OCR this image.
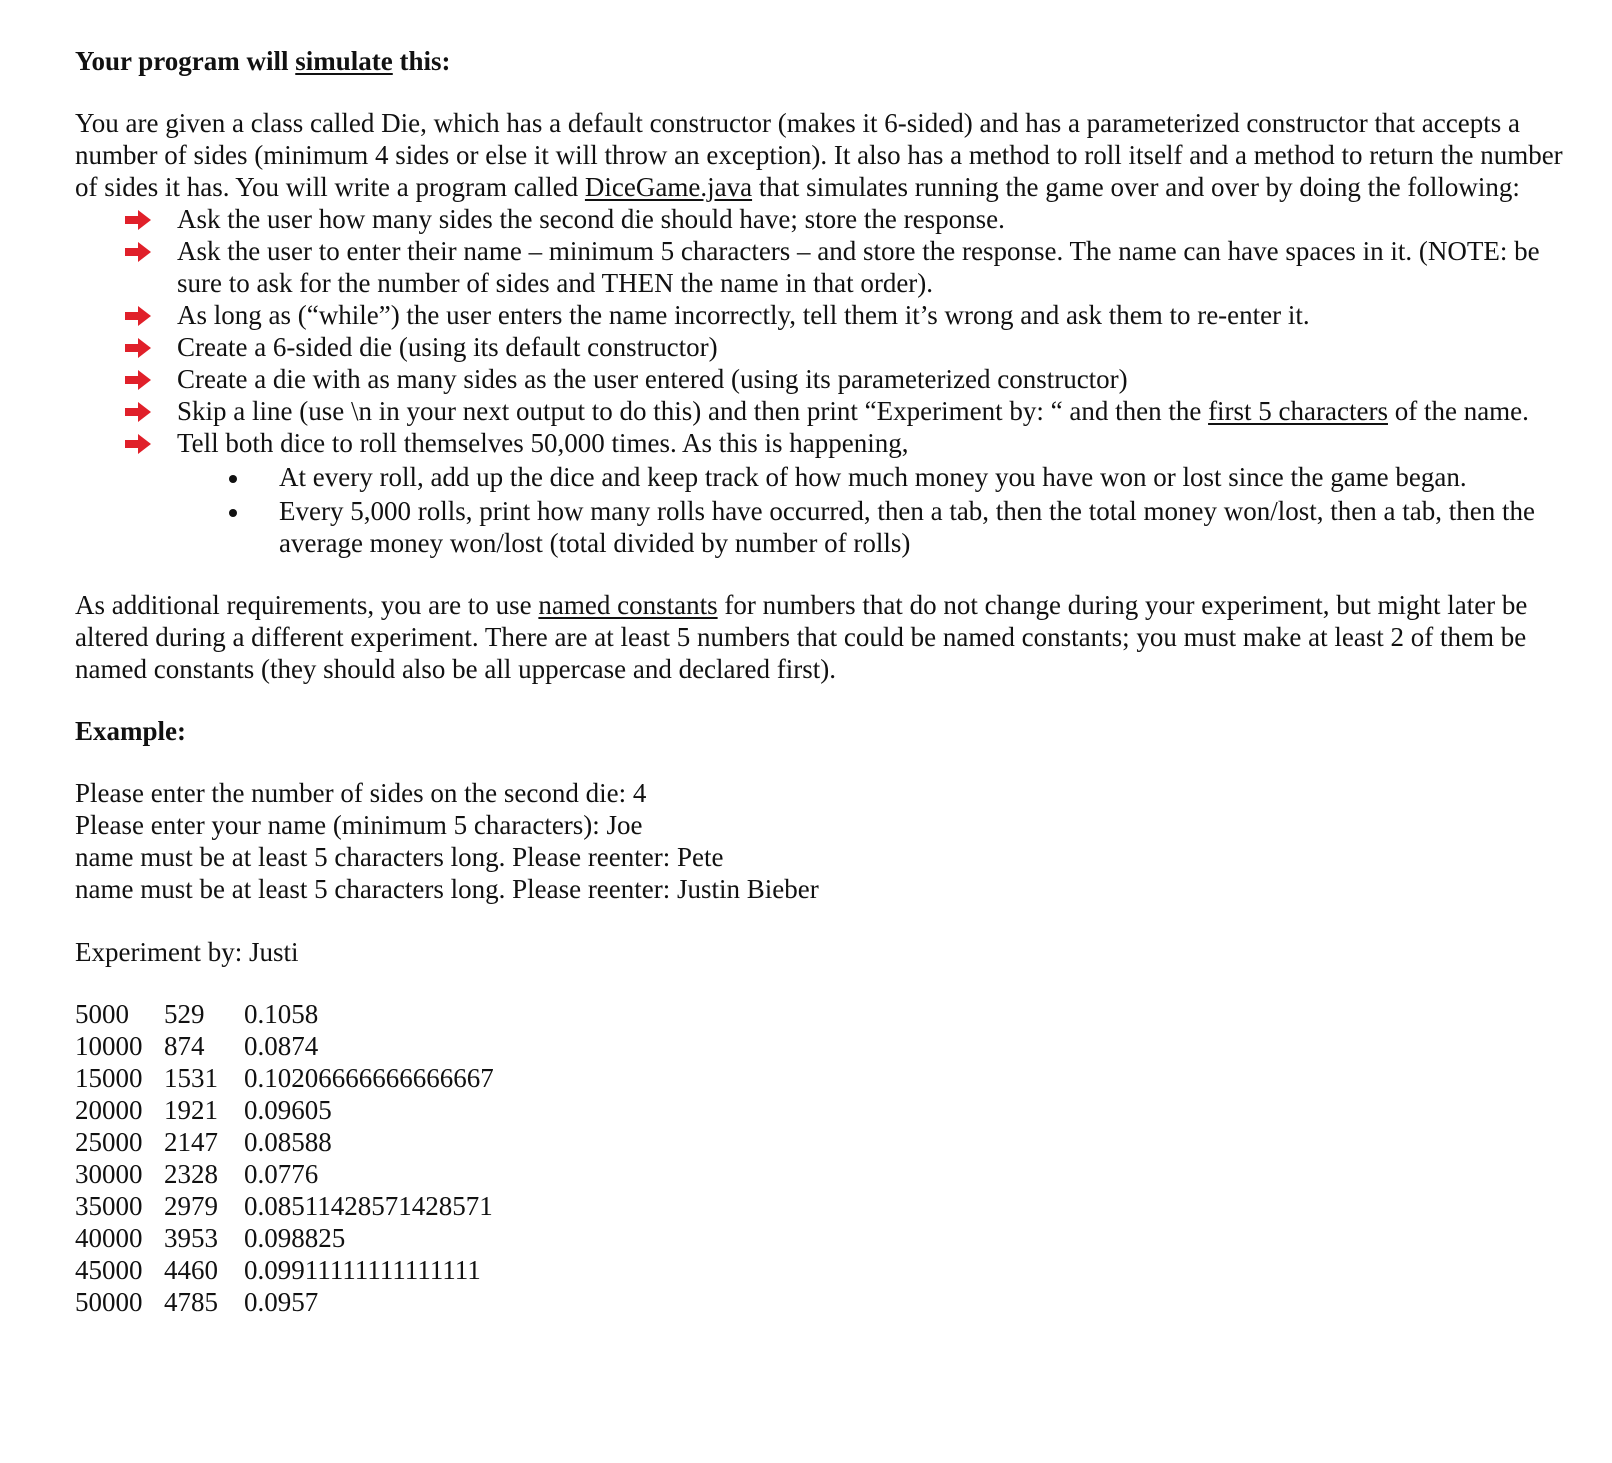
Your program will simulate this:

You are given a class called Die, which has a default constructor (makes it 6-sided) and has a parameterized constructor that accepts a number of sides (minimum 4 sides or else it will throw an exception). It also has a method to roll itself and a method to return the number of sides it has. You will write a program called DiceGame.java that simulates running the game over and over by doing the following:

Ask the user how many sides the second die should have; store the response.
Ask the user to enter their name – minimum 5 characters – and store the response. The name can have spaces in it. (NOTE: be sure to ask for the number of sides and THEN the name in that order).
As long as (“while”) the user enters the name incorrectly, tell them it’s wrong and ask them to re-enter it.
Create a 6-sided die (using its default constructor)
Create a die with as many sides as the user entered (using its parameterized constructor)
Skip a line (use \n in your next output to do this) and then print “Experiment by: “ and then the first 5 characters of the name.
Tell both dice to roll themselves 50,000 times. As this is happening,
At every roll, add up the dice and keep track of how much money you have won or lost since the game began.
Every 5,000 rolls, print how many rolls have occurred, then a tab, then the total money won/lost, then a tab, then the average money won/lost (total divided by number of rolls)

As additional requirements, you are to use named constants for numbers that do not change during your experiment, but might later be altered during a different experiment. There are at least 5 numbers that could be named constants; you must make at least 2 of them be named constants (they should also be all uppercase and declared first).

Example:

Please enter the number of sides on the second die: 4
Please enter your name (minimum 5 characters): Joe
name must be at least 5 characters long. Please reenter: Pete
name must be at least 5 characters long. Please reenter: Justin Bieber
Experiment by: Justi
5000	529	0.1058
10000	874	0.0874
15000	1531	0.10206666666666667
20000	1921	0.09605
25000	2147	0.08588
30000	2328	0.0776
35000	2979	0.08511428571428571
40000	3953	0.098825
45000	4460	0.09911111111111111
50000	4785	0.0957
